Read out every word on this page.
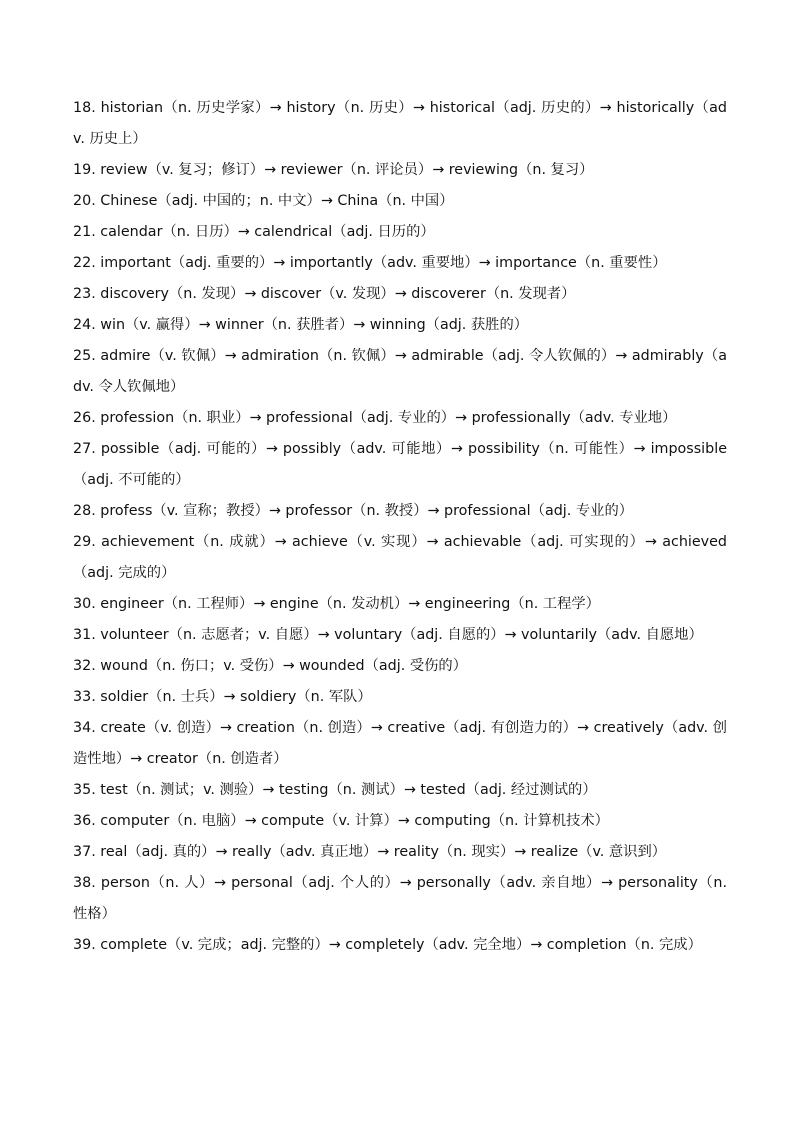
18. historian（n. 历史学家）→ history（n. 历史）→ historical（adj. 历史的）→ historically（adv. 历史上）

19. review（v. 复习；修订）→ reviewer（n. 评论员）→ reviewing（n. 复习）

20. Chinese（adj. 中国的；n. 中文）→ China（n. 中国）

21. calendar（n. 日历）→ calendrical（adj. 日历的）

22. important（adj. 重要的）→ importantly（adv. 重要地）→ importance（n. 重要性）

23. discovery（n. 发现）→ discover（v. 发现）→ discoverer（n. 发现者）

24. win（v. 赢得）→ winner（n. 获胜者）→ winning（adj. 获胜的）

25. admire（v. 钦佩）→ admiration（n. 钦佩）→ admirable（adj. 令人钦佩的）→ admirably（adv. 令人钦佩地）

26. profession（n. 职业）→ professional（adj. 专业的）→ professionally（adv. 专业地）

27. possible（adj. 可能的）→ possibly（adv. 可能地）→ possibility（n. 可能性）→ impossible（adj. 不可能的）

28. profess（v. 宣称；教授）→ professor（n. 教授）→ professional（adj. 专业的）

29. achievement（n. 成就）→ achieve（v. 实现）→ achievable（adj. 可实现的）→ achieved（adj. 完成的）

30. engineer（n. 工程师）→ engine（n. 发动机）→ engineering（n. 工程学）

31. volunteer（n. 志愿者；v. 自愿）→ voluntary（adj. 自愿的）→ voluntarily（adv. 自愿地）

32. wound（n. 伤口；v. 受伤）→ wounded（adj. 受伤的）

33. soldier（n. 士兵）→ soldiery（n. 军队）

34. create（v. 创造）→ creation（n. 创造）→ creative（adj. 有创造力的）→ creatively（adv. 创造性地）→ creator（n. 创造者）

35. test（n. 测试；v. 测验）→ testing（n. 测试）→ tested（adj. 经过测试的）

36. computer（n. 电脑）→ compute（v. 计算）→ computing（n. 计算机技术）

37. real（adj. 真的）→ really（adv. 真正地）→ reality（n. 现实）→ realize（v. 意识到）

38. person（n. 人）→ personal（adj. 个人的）→ personally（adv. 亲自地）→ personality（n. 性格）

39. complete（v. 完成；adj. 完整的）→ completely（adv. 完全地）→ completion（n. 完成）
